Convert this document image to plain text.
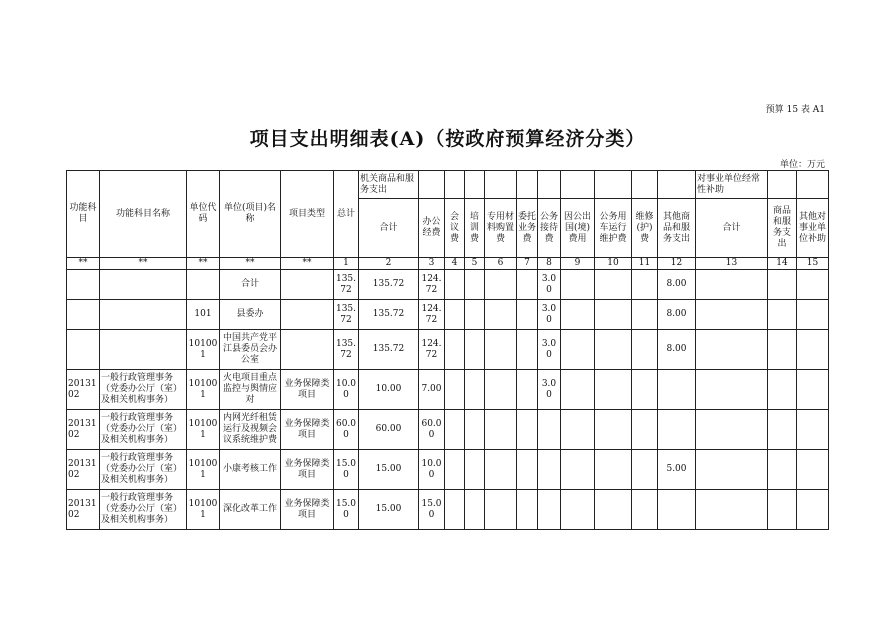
预算 15 表 A1
项目支出明细表(A)（按政府预算经济分类）
单位：万元
功能科目	功能科目名称	单位代码	单位(项目)名称	项目类型	总计	机关商品和服务支出											对事业单位经常性补助		
						合计	办公经费	会议费	培训费	专用材料购置费	委托业务费	公务接待费	因公出国(境)费用	公务用车运行维护费	维修(护)费	其他商品和服务支出	合计	商品和服务支出	其他对事业单位补助
**	**	**	**	**	1	2	3	4	5	6	7	8	9	10	11	12	13	14	15
			合计		135.72	135.72	124.72					3.00				8.00			
		101	县委办		135.72	135.72	124.72					3.00				8.00			
		101001	中国共产党平江县委员会办公室		135.72	135.72	124.72					3.00				8.00			
2013102	一般行政管理事务（党委办公厅（室）及相关机构事务）	101001	火电项目重点监控与舆情应对	业务保障类项目	10.00	10.00	7.00					3.00							
2013102	一般行政管理事务（党委办公厅（室）及相关机构事务）	101001	内网光纤租赁运行及视频会议系统维护费	业务保障类项目	60.00	60.00	60.00												
2013102	一般行政管理事务（党委办公厅（室）及相关机构事务）	101001	小康考核工作	业务保障类项目	15.00	15.00	10.00									5.00			
2013102	一般行政管理事务（党委办公厅（室）及相关机构事务）	101001	深化改革工作	业务保障类项目	15.00	15.00	15.00												
